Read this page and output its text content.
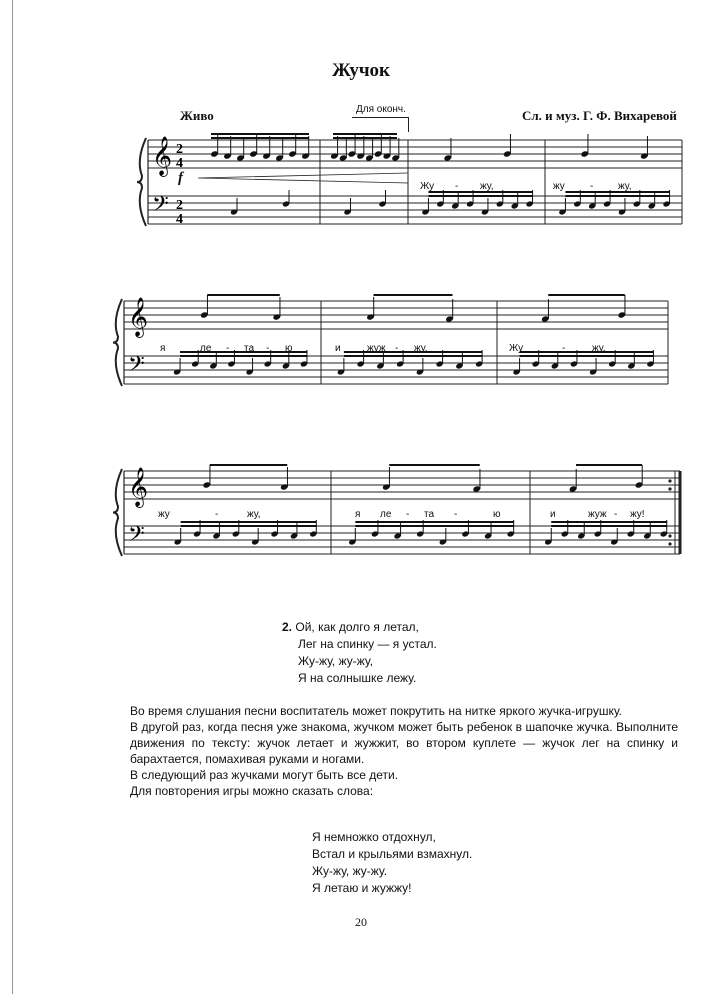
Жучок
Живо	Сл. и муз. Г. Ф. Вихаревой
Для оконч.
f
𝄞
𝄢
2
4
2
4
𝄞
𝄢
𝄞
𝄢
Жу - жу,	жу	- жу,
я	ле - та - ю	и	жуж - жу.	Жу	-	жу,
жу	-	жу,	я ле - та -	ю	и	жуж - жу!
2. Ой, как долго я летал,
Лег на спинку — я устал.
Жу-жу, жу-жу,
Я на солнышке лежу.

Во время слушания песни воспитатель может покрутить на нитке яркого жучка-игрушку.

В другой раз, когда песня уже знакома, жучком может быть ребенок в шапочке жучка. Выполните движения по тексту: жучок летает и жужжит, во втором куплете — жучок лег на спинку и барахтается, помахивая руками и ногами.

В следующий раз жучками могут быть все дети.

Для повторения игры можно сказать слова:

Я немножко отдохнул,
Встал и крыльями взмахнул.
Жу-жу, жу-жу.
Я летаю и жужжу!
20
